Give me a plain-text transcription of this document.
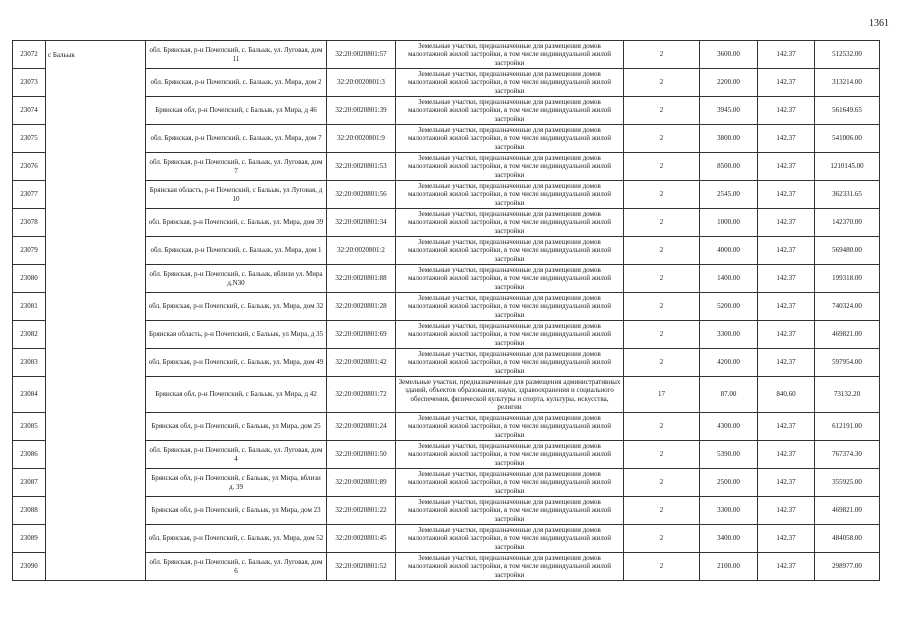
1361
23072	с Бальык	обл. Брянская, р-н Почепский, с. Бальык, ул. Луговая, дом 11	32:20:0020801:57	Земельные участки, предназначенные для размещения домов малоэтажной жилой застройки, в том числе индивидуальной жилой застройки	2	3600.00	142.37	512532.00
23073		обл. Брянская, р-н Почепский, с. Бальык, ул. Мира, дом 2	32:20:0020801:3	Земельные участки, предназначенные для размещения домов малоэтажной жилой застройки, в том числе индивидуальной жилой застройки	2	2200.00	142.37	313214.00
23074		Брянская обл, р-н Почепский, с Бальык, ул Мира, д 46	32:20:0020801:39	Земельные участки, предназначенные для размещения домов малоэтажной жилой застройки, в том числе индивидуальной жилой застройки	2	3945.00	142.37	561649.65
23075		обл. Брянская, р-н Почепский, с. Бальык, ул. Мира, дом 7	32:20:0020801:9	Земельные участки, предназначенные для размещения домов малоэтажной жилой застройки, в том числе индивидуальной жилой застройки	2	3800.00	142.37	541006.00
23076		обл. Брянская, р-н Почепский, с. Бальык, ул. Луговая, дом 7	32:20:0020801:53	Земельные участки, предназначенные для размещения домов малоэтажной жилой застройки, в том числе индивидуальной жилой застройки	2	8500.00	142.37	1210145.00
23077		Брянская область, р-н Почепский, с Бальык, ул Луговая, д 10	32:20:0020801:56	Земельные участки, предназначенные для размещения домов малоэтажной жилой застройки, в том числе индивидуальной жилой застройки	2	2545.00	142.37	362331.65
23078		обл. Брянская, р-н Почепский, с. Бальык, ул. Мира, дом 39	32:20:0020801:34	Земельные участки, предназначенные для размещения домов малоэтажной жилой застройки, в том числе индивидуальной жилой застройки	2	1000.00	142.37	142370.00
23079		обл. Брянская, р-н Почепский, с. Бальык, ул. Мира, дом 1	32:20:0020801:2	Земельные участки, предназначенные для размещения домов малоэтажной жилой застройки, в том числе индивидуальной жилой застройки	2	4000.00	142.37	569480.00
23080		обл. Брянская, р-н Почепский, с. Бальык, вблизи ул. Мира д.N30	32:20:0020801:88	Земельные участки, предназначенные для размещения домов малоэтажной жилой застройки, в том числе индивидуальной жилой застройки	2	1400.00	142.37	199318.00
23081		обл. Брянская, р-н Почепский, с. Бальык, ул. Мира, дом 32	32:20:0020801:28	Земельные участки, предназначенные для размещения домов малоэтажной жилой застройки, в том числе индивидуальной жилой застройки	2	5200.00	142.37	740324.00
23082		Брянская область, р-н Почепский, с Бальык, ул Мира, д 35	32:20:0020801:69	Земельные участки, предназначенные для размещения домов малоэтажной жилой застройки, в том числе индивидуальной жилой застройки	2	3300.00	142.37	469821.00
23083		обл. Брянская, р-н Почепский, с. Бальык, ул. Мира, дом 49	32:20:0020801:42	Земельные участки, предназначенные для размещения домов малоэтажной жилой застройки, в том числе индивидуальной жилой застройки	2	4200.00	142.37	597954.00
23084		Брянская обл, р-н Почепский, с Бальык, ул Мира, д 42	32:20:0020801:72	Земельные участки, предназначенные для размещения административных зданий, объектов образования, науки, здравоохранения и социального обеспечения, физической культуры и спорта, культуры, искусства, религии	17	87.00	840.60	73132.20
23085		Брянская обл, р-н Почепский, с Бальык, ул Мира, дом 25	32:20:0020801:24	Земельные участки, предназначенные для размещения домов малоэтажной жилой застройки, в том числе индивидуальной жилой застройки	2	4300.00	142.37	612191.00
23086		обл. Брянская, р-н Почепский, с. Бальык, ул. Луговая, дом 4	32:20:0020801:50	Земельные участки, предназначенные для размещения домов малоэтажной жилой застройки, в том числе индивидуальной жилой застройки	2	5390.00	142.37	767374.30
23087		Брянская обл, р-н Почепский, с Бальык, ул Мира, вблизи д. 39	32:20:0020801:89	Земельные участки, предназначенные для размещения домов малоэтажной жилой застройки, в том числе индивидуальной жилой застройки	2	2500.00	142.37	355925.00
23088		Брянская обл, р-н Почепский, с Бальык, ул Мира, дом 23	32:20:0020801:22	Земельные участки, предназначенные для размещения домов малоэтажной жилой застройки, в том числе индивидуальной жилой застройки	2	3300.00	142.37	469821.00
23089		обл. Брянская, р-н Почепский, с. Бальык, ул. Мира, дом 52	32:20:0020801:45	Земельные участки, предназначенные для размещения домов малоэтажной жилой застройки, в том числе индивидуальной жилой застройки	2	3400.00	142.37	484058.00
23090		обл. Брянская, р-н Почепский, с. Бальык, ул. Луговая, дом 6	32:20:0020801:52	Земельные участки, предназначенные для размещения домов малоэтажной жилой застройки, в том числе индивидуальной жилой застройки	2	2100.00	142.37	298977.00
